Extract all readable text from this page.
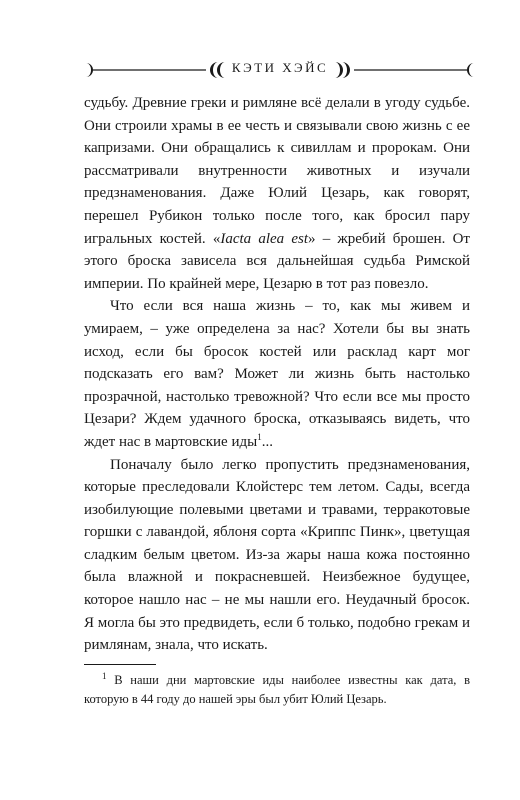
КЭТИ ХЭЙС

судьбу. Древние греки и римляне всё делали в угоду судьбе. Они строили храмы в ее честь и связывали свою жизнь с ее капризами. Они обращались к сивиллам и пророкам. Они рассматривали внутренности животных и изучали предзнаменования. Даже Юлий Цезарь, как говорят, перешел Рубикон только после того, как бросил пару игральных костей. «Iacta alea est» – жребий брошен. От этого броска зависела вся дальнейшая судьба Римской империи. По крайней мере, Цезарю в тот раз повезло.

Что если вся наша жизнь – то, как мы живем и умираем, – уже определена за нас? Хотели бы вы знать исход, если бы бросок костей или расклад карт мог подсказать его вам? Может ли жизнь быть настолько прозрачной, настолько тревожной? Что если все мы просто Цезари? Ждем удачного броска, отказываясь видеть, что ждет нас в мартовские иды$^1$...

Поначалу было легко пропустить предзнаменования, которые преследовали Клойстерс тем летом. Сады, всегда изобилующие полевыми цветами и травами, терракотовые горшки с лавандой, яблоня сорта «Криппс Пинк», цветущая сладким белым цветом. Из-за жары наша кожа постоянно была влажной и покрасневшей. Неизбежное будущее, которое нашло нас – не мы нашли его. Неудачный бросок. Я могла бы это предвидеть, если б только, подобно грекам и римлянам, знала, что искать.

$^1$ В наши дни мартовские иды наиболее известны как дата, в которую в 44 году до нашей эры был убит Юлий Цезарь.
